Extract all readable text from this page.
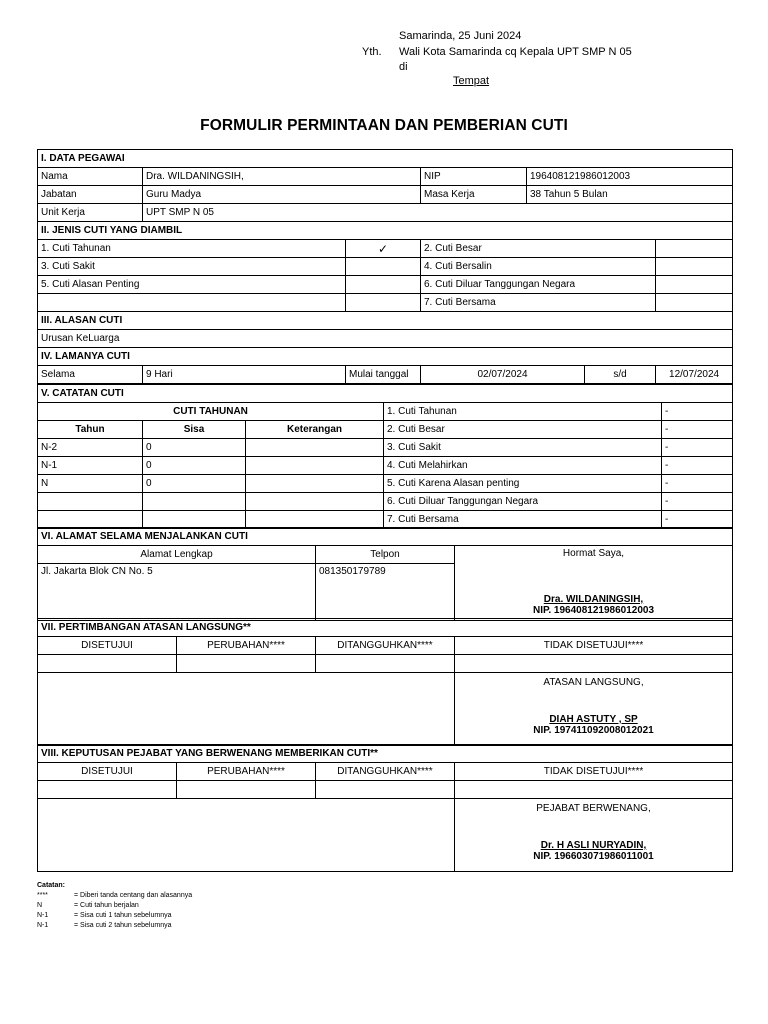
Samarinda, 25 Juni 2024
Yth. Wali Kota Samarinda cq Kepala UPT SMP N 05
di
Tempat
FORMULIR PERMINTAAN DAN PEMBERIAN CUTI
I. DATA PEGAWAI						
Nama	Dra. WILDANINGSIH,		NIP	196408121986012003		
Jabatan	Guru Madya		Masa Kerja	38 Tahun 5 Bulan		
Unit Kerja	UPT SMP N 05					
II. JENIS CUTI YANG DIAMBIL						
1. Cuti Tahunan		✓	2. Cuti Besar			
3. Cuti Sakit			4. Cuti Bersalin			
5. Cuti Alasan Penting			6. Cuti Diluar Tanggungan Negara			
			7. Cuti Bersama			
III. ALASAN CUTI						
Urusan KeLuarga						
IV. LAMANYA CUTI						
Selama	9 Hari	Mulai tanggal	02/07/2024		s/d	12/07/2024
V. CATATAN CUTI				
CUTI TAHUNAN			1. Cuti Tahunan	-
Tahun	Sisa	Keterangan	2. Cuti Besar	-
N-2	0		3. Cuti Sakit	-
N-1	0		4. Cuti Melahirkan	-
N	0		5. Cuti Karena Alasan penting	-
			6. Cuti Diluar Tanggungan Negara	-
			7. Cuti Bersama	-
VI. ALAMAT SELAMA MENJALANKAN CUTI		
Alamat Lengkap	Telpon	Hormat Saya,
Dra. WILDANINGSIH,
NIP. 196408121986012003

Jl. Jakarta Blok CN No. 5	081350179789	
VII. PERTIMBANGAN ATASAN LANGSUNG**			
DISETUJUI	PERUBAHAN****	DITANGGUHKAN****	TIDAK DISETUJUI****

			ATASAN LANGSUNG,
DIAH ASTUTY , SP
NIP. 197411092008012021
VIII. KEPUTUSAN PEJABAT YANG BERWENANG MEMBERIKAN CUTI**			
DISETUJUI	PERUBAHAN****	DITANGGUHKAN****	TIDAK DISETUJUI****

			PEJABAT BERWENANG,
Dr. H ASLI NURYADIN,
NIP. 196603071986011001
Catatan:
****	= Diberi tanda centang dan alasannya
N	= Cuti tahun berjalan
N-1	= Sisa cuti 1 tahun sebelumnya
N-1	= Sisa cuti 2 tahun sebelumnya
